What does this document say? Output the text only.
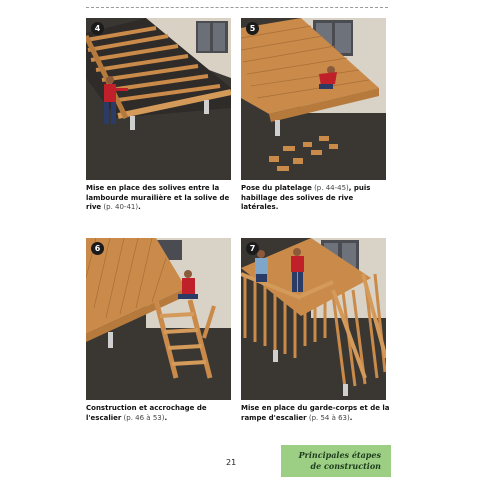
4
Mise en place des solives entre la lambourde murailière et la solive de rive (p. 40-41).
5
Pose du platelage (p. 44-45), puis habillage des solives de rive latérales.
6
Construction et accrochage de l'escalier (p. 46 à 53).
7
Mise en place du garde-corps et de la rampe d'escalier (p. 54 à 63).
21
Principales étapes
de construction
